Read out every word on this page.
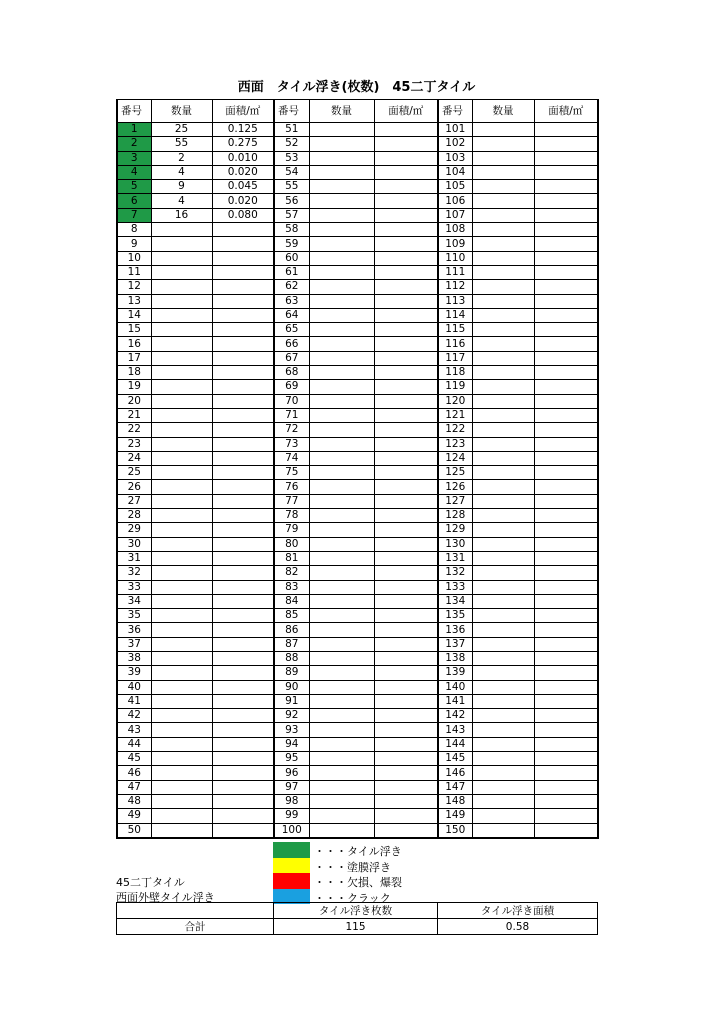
西面　タイル浮き(枚数)　45二丁タイル
番号	数量	面積/㎡	番号	数量	面積/㎡	番号	数量	面積/㎡
1	25	0.125	51			101		
2	55	0.275	52			102		
3	2	0.010	53			103		
4	4	0.020	54			104		
5	9	0.045	55			105		
6	4	0.020	56			106		
7	16	0.080	57			107		
8			58			108		
9			59			109		
10			60			110		
11			61			111		
12			62			112		
13			63			113		
14			64			114		
15			65			115		
16			66			116		
17			67			117		
18			68			118		
19			69			119		
20			70			120		
21			71			121		
22			72			122		
23			73			123		
24			74			124		
25			75			125		
26			76			126		
27			77			127		
28			78			128		
29			79			129		
30			80			130		
31			81			131		
32			82			132		
33			83			133		
34			84			134		
35			85			135		
36			86			136		
37			87			137		
38			88			138		
39			89			139		
40			90			140		
41			91			141		
42			92			142		
43			93			143		
44			94			144		
45			95			145		
46			96			146		
47			97			147		
48			98			148		
49			99			149		
50			100			150		
45二丁タイル
西面外壁タイル浮き
・・・タイル浮き
・・・塗膜浮き
・・・欠損、爆裂
・・・クラック
	タイル浮き枚数	タイル浮き面積
合計	115	0.58
